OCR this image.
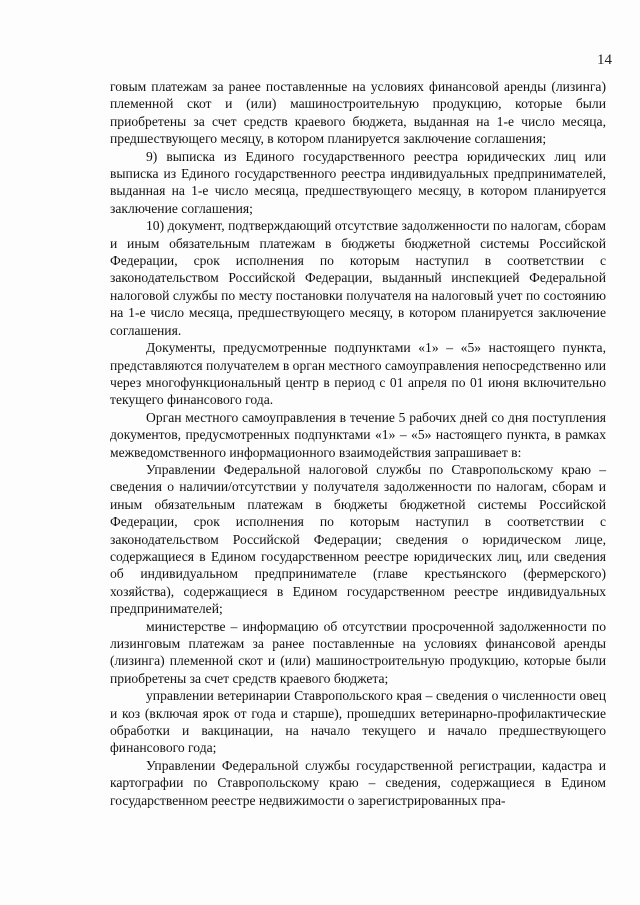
14

говым платежам за ранее поставленные на условиях финансовой аренды (лизинга) племенной скот и (или) машиностроительную продукцию, которые были приобретены за счет средств краевого бюджета, выданная на 1-е число месяца, предшествующего месяцу, в котором планируется заключение соглашения;

9) выписка из Единого государственного реестра юридических лиц или выписка из Единого государственного реестра индивидуальных предпринимателей, выданная на 1-е число месяца, предшествующего месяцу, в котором планируется заключение соглашения;

10) документ, подтверждающий отсутствие задолженности по налогам, сборам и иным обязательным платежам в бюджеты бюджетной системы Российской Федерации, срок исполнения по которым наступил в соответствии с законодательством Российской Федерации, выданный инспекцией Федеральной налоговой службы по месту постановки получателя на налоговый учет по состоянию на 1-е число месяца, предшествующего месяцу, в котором планируется заключение соглашения.

Документы, предусмотренные подпунктами «1» – «5» настоящего пункта, представляются получателем в орган местного самоуправления непосредственно или через многофункциональный центр в период с 01 апреля по 01 июня включительно текущего финансового года.

Орган местного самоуправления в течение 5 рабочих дней со дня поступления документов, предусмотренных подпунктами «1» – «5» настоящего пункта, в рамках межведомственного информационного взаимодействия запрашивает в:

Управлении Федеральной налоговой службы по Ставропольскому краю – сведения о наличии/отсутствии у получателя задолженности по налогам, сборам и иным обязательным платежам в бюджеты бюджетной системы Российской Федерации, срок исполнения по которым наступил в соответствии с законодательством Российской Федерации; сведения о юридическом лице, содержащиеся в Едином государственном реестре юридических лиц, или сведения об индивидуальном предпринимателе (главе крестьянского (фермерского) хозяйства), содержащиеся в Едином государственном реестре индивидуальных предпринимателей;

министерстве – информацию об отсутствии просроченной задолженности по лизинговым платежам за ранее поставленные на условиях финансовой аренды (лизинга) племенной скот и (или) машиностроительную продукцию, которые были приобретены за счет средств краевого бюджета;

управлении ветеринарии Ставропольского края – сведения о численности овец и коз (включая ярок от года и старше), прошедших ветеринарно-профилактические обработки и вакцинации, на начало текущего и начало предшествующего финансового года;

Управлении Федеральной службы государственной регистрации, кадастра и картографии по Ставропольскому краю – сведения, содержащиеся в Едином государственном реестре недвижимости о зарегистрированных пра-
